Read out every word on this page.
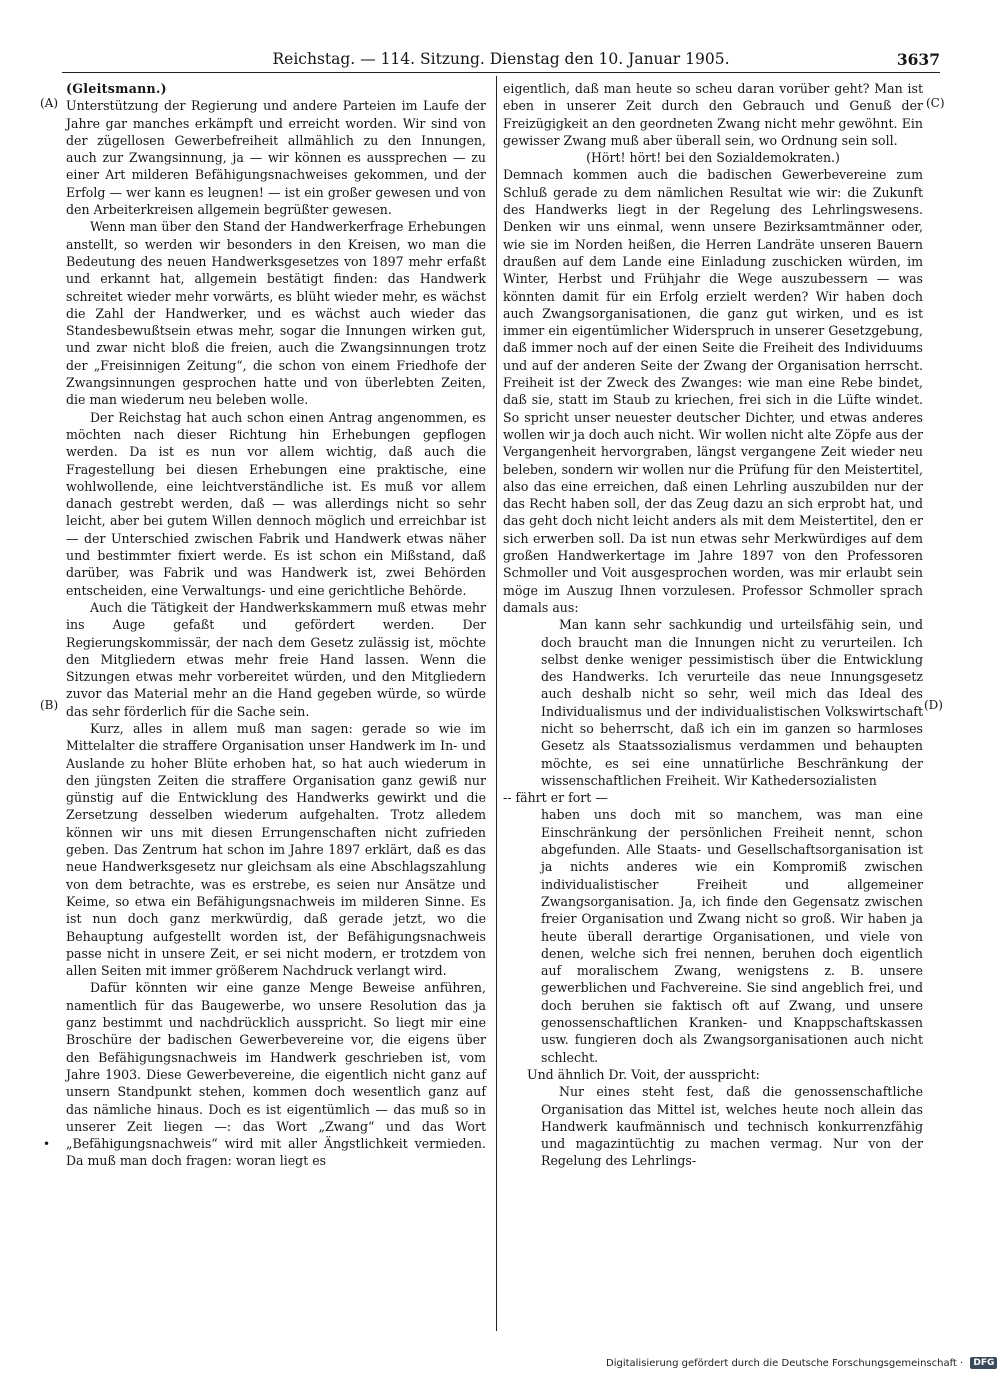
Reichstag. — 114. Sitzung. Dienstag den 10. Januar 1905.	3637
(A)
(B)
(C)
(D)
•

(Gleitsmann.)

Unterstützung der Regierung und andere Parteien im Laufe der Jahre gar manches erkämpft und erreicht worden. Wir sind von der zügellosen Gewerbefreiheit allmählich zu den Innungen, auch zur Zwangsinnung, ja — wir können es aussprechen — zu einer Art milderen Befähigungsnachweises gekommen, und der Erfolg — wer kann es leugnen! — ist ein großer gewesen und von den Arbeiterkreisen allgemein begrüßter gewesen.

Wenn man über den Stand der Handwerkerfrage Erhebungen anstellt, so werden wir besonders in den Kreisen, wo man die Bedeutung des neuen Handwerksgesetzes von 1897 mehr erfaßt und erkannt hat, allgemein bestätigt finden: das Handwerk schreitet wieder mehr vorwärts, es blüht wieder mehr, es wächst die Zahl der Handwerker, und es wächst auch wieder das Standesbewußtsein etwas mehr, sogar die Innungen wirken gut, und zwar nicht bloß die freien, auch die Zwangsinnungen trotz der „Freisinnigen Zeitung“, die schon von einem Friedhofe der Zwangsinnungen gesprochen hatte und von überlebten Zeiten, die man wiederum neu beleben wolle.

Der Reichstag hat auch schon einen Antrag angenommen, es möchten nach dieser Richtung hin Erhebungen gepflogen werden. Da ist es nun vor allem wichtig, daß auch die Fragestellung bei diesen Erhebungen eine praktische, eine wohlwollende, eine leichtverständliche ist. Es muß vor allem danach gestrebt werden, daß — was allerdings nicht so sehr leicht, aber bei gutem Willen dennoch möglich und erreichbar ist — der Unterschied zwischen Fabrik und Handwerk etwas näher und bestimmter fixiert werde. Es ist schon ein Mißstand, daß darüber, was Fabrik und was Handwerk ist, zwei Behörden entscheiden, eine Verwaltungs- und eine gerichtliche Behörde.

Auch die Tätigkeit der Handwerkskammern muß etwas mehr ins Auge gefaßt und gefördert werden. Der Regierungskommissär, der nach dem Gesetz zulässig ist, möchte den Mitgliedern etwas mehr freie Hand lassen. Wenn die Sitzungen etwas mehr vorbereitet würden, und den Mitgliedern zuvor das Material mehr an die Hand gegeben würde, so würde das sehr förderlich für die Sache sein.

Kurz, alles in allem muß man sagen: gerade so wie im Mittelalter die straffere Organisation unser Handwerk im In- und Auslande zu hoher Blüte erhoben hat, so hat auch wiederum in den jüngsten Zeiten die straffere Organisation ganz gewiß nur günstig auf die Entwicklung des Handwerks gewirkt und die Zersetzung desselben wiederum aufgehalten. Trotz alledem können wir uns mit diesen Errungenschaften nicht zufrieden geben. Das Zentrum hat schon im Jahre 1897 erklärt, daß es das neue Handwerksgesetz nur gleichsam als eine Abschlagszahlung von dem betrachte, was es erstrebe, es seien nur Ansätze und Keime, so etwa ein Befähigungsnachweis im milderen Sinne. Es ist nun doch ganz merkwürdig, daß gerade jetzt, wo die Behauptung aufgestellt worden ist, der Befähigungsnachweis passe nicht in unsere Zeit, er sei nicht modern, er trotzdem von allen Seiten mit immer größerem Nachdruck verlangt wird.

Dafür könnten wir eine ganze Menge Beweise anführen, namentlich für das Baugewerbe, wo unsere Resolution das ja ganz bestimmt und nachdrücklich ausspricht. So liegt mir eine Broschüre der badischen Gewerbevereine vor, die eigens über den Befähigungsnachweis im Handwerk geschrieben ist, vom Jahre 1903. Diese Gewerbevereine, die eigentlich nicht ganz auf unsern Standpunkt stehen, kommen doch wesentlich ganz auf das nämliche hinaus. Doch es ist eigentümlich — das muß so in unserer Zeit liegen —: das Wort „Zwang“ und das Wort „Befähigungsnachweis“ wird mit aller Ängstlichkeit vermieden. Da muß man doch fragen: woran liegt es

eigentlich, daß man heute so scheu daran vorüber geht? Man ist eben in unserer Zeit durch den Gebrauch und Genuß der Freizügigkeit an den geordneten Zwang nicht mehr gewöhnt. Ein gewisser Zwang muß aber überall sein, wo Ordnung sein soll.

(Hört! hört! bei den Sozialdemokraten.)

Demnach kommen auch die badischen Gewerbevereine zum Schluß gerade zu dem nämlichen Resultat wie wir: die Zukunft des Handwerks liegt in der Regelung des Lehrlingswesens. Denken wir uns einmal, wenn unsere Bezirksamtmänner oder, wie sie im Norden heißen, die Herren Landräte unseren Bauern draußen auf dem Lande eine Einladung zuschicken würden, im Winter, Herbst und Frühjahr die Wege auszubessern — was könnten damit für ein Erfolg erzielt werden? Wir haben doch auch Zwangsorganisationen, die ganz gut wirken, und es ist immer ein eigentümlicher Widerspruch in unserer Gesetzgebung, daß immer noch auf der einen Seite die Freiheit des Individuums und auf der anderen Seite der Zwang der Organisation herrscht. Freiheit ist der Zweck des Zwanges: wie man eine Rebe bindet, daß sie, statt im Staub zu kriechen, frei sich in die Lüfte windet. So spricht unser neuester deutscher Dichter, und etwas anderes wollen wir ja doch auch nicht. Wir wollen nicht alte Zöpfe aus der Vergangenheit hervorgraben, längst vergangene Zeit wieder neu beleben, sondern wir wollen nur die Prüfung für den Meistertitel, also das eine erreichen, daß einen Lehrling auszubilden nur der das Recht haben soll, der das Zeug dazu an sich erprobt hat, und das geht doch nicht leicht anders als mit dem Meistertitel, den er sich erwerben soll. Da ist nun etwas sehr Merkwürdiges auf dem großen Handwerkertage im Jahre 1897 von den Professoren Schmoller und Voit ausgesprochen worden, was mir erlaubt sein möge im Auszug Ihnen vorzulesen. Professor Schmoller sprach damals aus:

Man kann sehr sachkundig und urteilsfähig sein, und doch braucht man die Innungen nicht zu verurteilen. Ich selbst denke weniger pessimistisch über die Entwicklung des Handwerks. Ich verurteile das neue Innungsgesetz auch deshalb nicht so sehr, weil mich das Ideal des Individualismus und der individualistischen Volkswirtschaft nicht so beherrscht, daß ich ein im ganzen so harmloses Gesetz als Staatssozialismus verdammen und behaupten möchte, es sei eine unnatürliche Beschränkung der wissenschaftlichen Freiheit. Wir Kathedersozialisten

-- fährt er fort —

haben uns doch mit so manchem, was man eine Einschränkung der persönlichen Freiheit nennt, schon abgefunden. Alle Staats- und Gesellschaftsorganisation ist ja nichts anderes wie ein Kompromiß zwischen individualistischer Freiheit und allgemeiner Zwangsorganisation. Ja, ich finde den Gegensatz zwischen freier Organisation und Zwang nicht so groß. Wir haben ja heute überall derartige Organisationen, und viele von denen, welche sich frei nennen, beruhen doch eigentlich auf moralischem Zwang, wenigstens z. B. unsere gewerblichen und Fachvereine. Sie sind angeblich frei, und doch beruhen sie faktisch oft auf Zwang, und unsere genossenschaftlichen Kranken- und Knappschaftskassen usw. fungieren doch als Zwangsorganisationen auch nicht schlecht.

Und ähnlich Dr. Voit, der ausspricht:

Nur eines steht fest, daß die genossenschaftliche Organisation das Mittel ist, welches heute noch allein das Handwerk kaufmännisch und technisch konkurrenzfähig und magazintüchtig zu machen vermag. Nur von der Regelung des Lehrlings-

Digitalisierung gefördert durch die Deutsche Forschungsgemeinschaft · DFG
